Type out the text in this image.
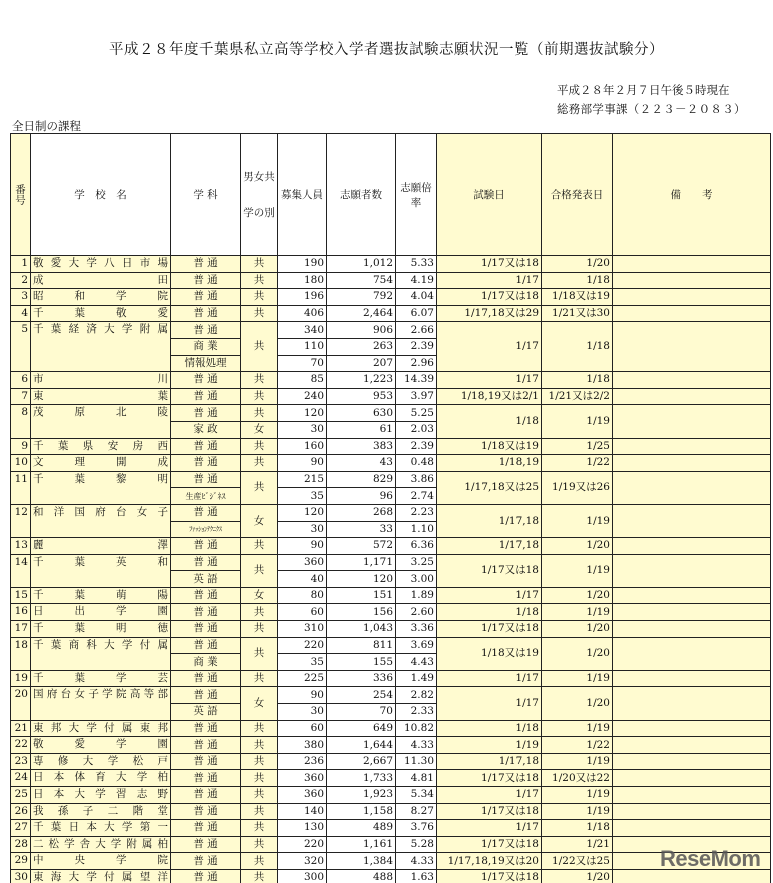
平成２８年度千葉県私立高等学校入学者選抜試験志願状況一覧（前期選抜試験分）
平成２８年２月７日午後５時現在
総務部学事課（２２３－２０８３）
全日制の課程
番号	学　校　名	学 科	男女共学の別	募集人員	志願者数	志願倍率	試験日	合格発表日	備　　考
1	敬愛大学八日市場	普 通	共	190	1,012	5.33	1/17又は18	1/20	
2	成田	普 通	共	180	754	4.19	1/17	1/18	
3	昭和学院	普 通	共	196	792	4.04	1/17又は18	1/18又は19	
4	千葉敬愛	普 通	共	406	2,464	6.07	1/17,18又は29	1/21又は30	
5	千葉経済大学附属	普 通	共	340	906	2.66	1/17	1/18	
		商 業		110	263	2.39			
		情報処理		70	207	2.96			
6	市川	普 通	共	85	1,223	14.39	1/17	1/18	
7	東葉	普 通	共	240	953	3.97	1/18,19又は2/1	1/21又は2/2	
8	茂原北陵	普 通	共	120	630	5.25	1/18	1/19	
		家 政	女	30	61	2.03			
9	千葉県安房西	普 通	共	160	383	2.39	1/18又は19	1/25	
10	文理開成	普 通	共	90	43	0.48	1/18,19	1/22	
11	千葉黎明	普 通	共	215	829	3.86	1/17,18又は25	1/19又は26	
		生産ﾋﾞｼﾞﾈｽ		35	96	2.74			
12	和洋国府台女子	普 通	女	120	268	2.23	1/17,18	1/19	
		ﾌｧｯｼｮﾝﾃｸﾆｸｽ		30	33	1.10			
13	麗澤	普 通	共	90	572	6.36	1/17,18	1/20	
14	千葉英和	普 通	共	360	1,171	3.25	1/17又は18	1/19	
		英 語		40	120	3.00			
15	千葉萌陽	普 通	女	80	151	1.89	1/17	1/20	
16	日出学園	普 通	共	60	156	2.60	1/18	1/19	
17	千葉明徳	普 通	共	310	1,043	3.36	1/17又は18	1/20	
18	千葉商科大学付属	普 通	共	220	811	3.69	1/18又は19	1/20	
		商 業		35	155	4.43			
19	千葉学芸	普 通	共	225	336	1.49	1/17	1/19	
20	国府台女子学院高等部	普 通	女	90	254	2.82	1/17	1/20	
		英 語		30	70	2.33			
21	東邦大学付属東邦	普 通	共	60	649	10.82	1/18	1/19	
22	敬愛学園	普 通	共	380	1,644	4.33	1/19	1/22	
23	専修大学松戸	普 通	共	236	2,667	11.30	1/17,18	1/19	
24	日本体育大学柏	普 通	共	360	1,733	4.81	1/17又は18	1/20又は22	
25	日本大学習志野	普 通	共	360	1,923	5.34	1/17	1/19	
26	我孫子二階堂	普 通	共	140	1,158	8.27	1/17又は18	1/19	
27	千葉日本大学第一	普 通	共	130	489	3.76	1/17	1/18	
28	二松学舎大学附属柏	普 通	共	220	1,161	5.28	1/17又は18	1/21	
29	中央学院	普 通	共	320	1,384	4.33	1/17,18,19又は20	1/22又は25	
30	東海大学付属望洋	普 通	共	300	488	1.63	1/17又は18	1/20	
ReseMom
